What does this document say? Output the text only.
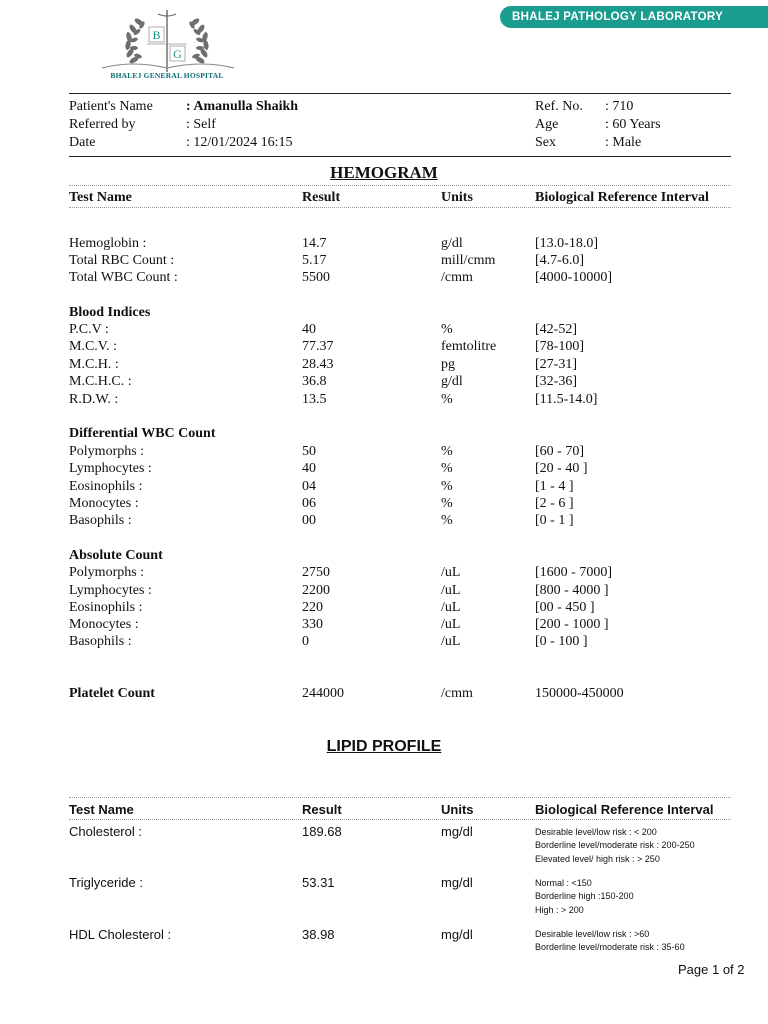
BHALEJ PATHOLOGY LABORATORY
B
G
BHALEJ GENERAL HOSPITAL
Patient's Name : Amanulla Shaikh
Referred by	: Self
Date	: 12/01/2024 16:15
Ref. No. : 710
Age	: 60 Years
Sex	: Male
HEMOGRAM
Test Name	Result	Units	Biological Reference Interval
Hemoglobin :	14.7	g/dl	[13.0-18.0]
Total RBC Count :	5.17	mill/cmm	[4.7-6.0]
Total WBC Count :	5500	/cmm	[4000-10000]
Blood Indices
P.C.V :	40	%	[42-52]
M.C.V. :	77.37	femtolitre	[78-100]
M.C.H. :	28.43	pg	[27-31]
M.C.H.C. :	36.8	g/dl	[32-36]
R.D.W. :	13.5	%	[11.5-14.0]
Differential WBC Count
Polymorphs :	50	%	[60 - 70]
Lymphocytes :	40	%	[20 - 40 ]
Eosinophils :	04	%	[1 - 4 ]
Monocytes :	06	%	[2 - 6 ]
Basophils :	00	%	[0 - 1 ]
Absolute Count
Polymorphs :	2750	/uL	[1600 - 7000]
Lymphocytes :	2200	/uL	[800 - 4000 ]
Eosinophils :	220	/uL	[00 - 450 ]
Monocytes :	330	/uL	[200 - 1000 ]
Basophils :	0	/uL	[0 - 100 ]
Platelet Count	244000	/cmm	150000-450000
LIPID PROFILE
Test Name	Result	Units	Biological Reference Interval
Cholesterol :	189.68	mg/dl	Desirable level/low risk : < 200
Borderline level/moderate risk : 200-250
Elevated level/ high risk : > 250
Triglyceride :	53.31	mg/dl	Normal : <150
Borderline high :150-200
High : > 200
HDL Cholesterol :	38.98	mg/dl	Desirable level/low risk : >60
Borderline level/moderate risk : 35-60
Page 1 of 2
